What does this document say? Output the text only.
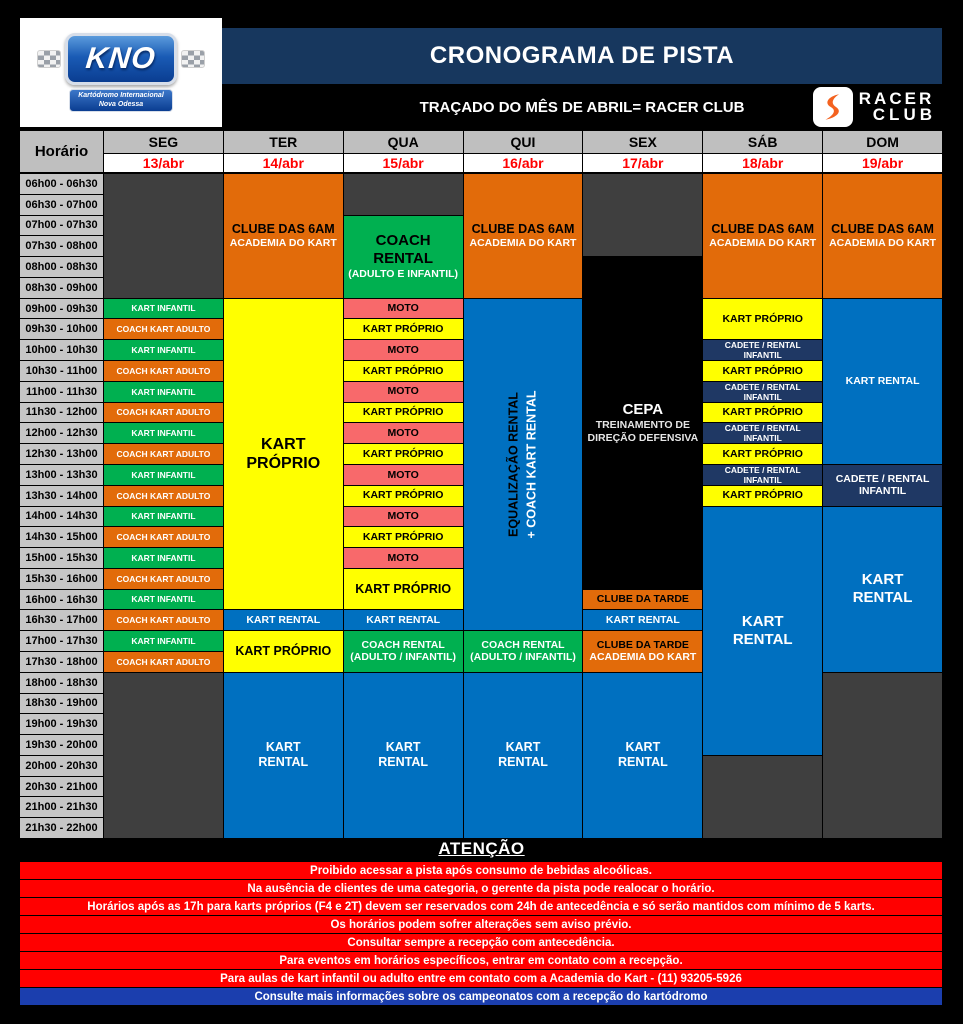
KNO
Kartódromo Internacional
Nova Odessa
CRONOGRAMA DE PISTA
TRAÇADO DO MÊS DE ABRIL= RACER CLUB	RACER
CLUB
Horário
SEG
13/abr
TER
14/abr
QUA
15/abr
QUI
16/abr
SEX
17/abr
SÁB
18/abr
DOM
19/abr
06h00 - 06h30
06h30 - 07h00
07h00 - 07h30
07h30 - 08h00
08h00 - 08h30
08h30 - 09h00
09h00 - 09h30
09h30 - 10h00
10h00 - 10h30
10h30 - 11h00
11h00 - 11h30
11h30 - 12h00
12h00 - 12h30
12h30 - 13h00
13h00 - 13h30
13h30 - 14h00
14h00 - 14h30
14h30 - 15h00
15h00 - 15h30
15h30 - 16h00
16h00 - 16h30
16h30 - 17h00
17h00 - 17h30
17h30 - 18h00
18h00 - 18h30
18h30 - 19h00
19h00 - 19h30
19h30 - 20h00
20h00 - 20h30
20h30 - 21h00
21h00 - 21h30
21h30 - 22h00
KART INFANTIL
COACH KART ADULTO
KART INFANTIL
COACH KART ADULTO
KART INFANTIL
COACH KART ADULTO
KART INFANTIL
COACH KART ADULTO
KART INFANTIL
COACH KART ADULTO
KART INFANTIL
COACH KART ADULTO
KART INFANTIL
COACH KART ADULTO
KART INFANTIL
COACH KART ADULTO
KART INFANTIL
COACH KART ADULTO
CLUBE DAS 6AM
ACADEMIA DO KART
KART
PRÓPRIO
KART RENTAL
KART PRÓPRIO
KART
RENTAL
COACH
RENTAL
(ADULTO E INFANTIL)
MOTO
KART PRÓPRIO
MOTO
KART PRÓPRIO
MOTO
KART PRÓPRIO
MOTO
KART PRÓPRIO
MOTO
KART PRÓPRIO
MOTO
KART PRÓPRIO
MOTO
KART PRÓPRIO
KART RENTAL
COACH RENTAL
(ADULTO / INFANTIL)
KART
RENTAL
CLUBE DAS 6AM
ACADEMIA DO KART
EQUALIZAÇÃO RENTAL + COACH KART RENTAL
COACH RENTAL
(ADULTO / INFANTIL)
KART
RENTAL
CEPA
TREINAMENTO DE
DIREÇÃO DEFENSIVA
CLUBE DA TARDE
KART RENTAL
CLUBE DA TARDE
ACADEMIA DO KART
KART
RENTAL
CLUBE DAS 6AM
ACADEMIA DO KART
KART PRÓPRIO
CADETE / RENTAL INFANTIL
KART PRÓPRIO
CADETE / RENTAL INFANTIL
KART PRÓPRIO
CADETE / RENTAL INFANTIL
KART PRÓPRIO
CADETE / RENTAL INFANTIL
KART PRÓPRIO
KART
RENTAL
CLUBE DAS 6AM
ACADEMIA DO KART
KART RENTAL
CADETE / RENTAL
INFANTIL
KART
RENTAL
ATENÇÃO
Proibido acessar a pista após consumo de bebidas alcoólicas.
Na ausência de clientes de uma categoria, o gerente da pista pode realocar o horário.
Horários após as 17h para karts próprios (F4 e 2T) devem ser reservados com 24h de antecedência e só serão mantidos com mínimo de 5 karts.
Os horários podem sofrer alterações sem aviso prévio.
Consultar sempre a recepção com antecedência.
Para eventos em horários específicos, entrar em contato com a recepção.
Para aulas de kart infantil ou adulto entre em contato com a Academia do Kart - (11) 93205-5926
Consulte mais informações sobre os campeonatos com a recepção do kartódromo
